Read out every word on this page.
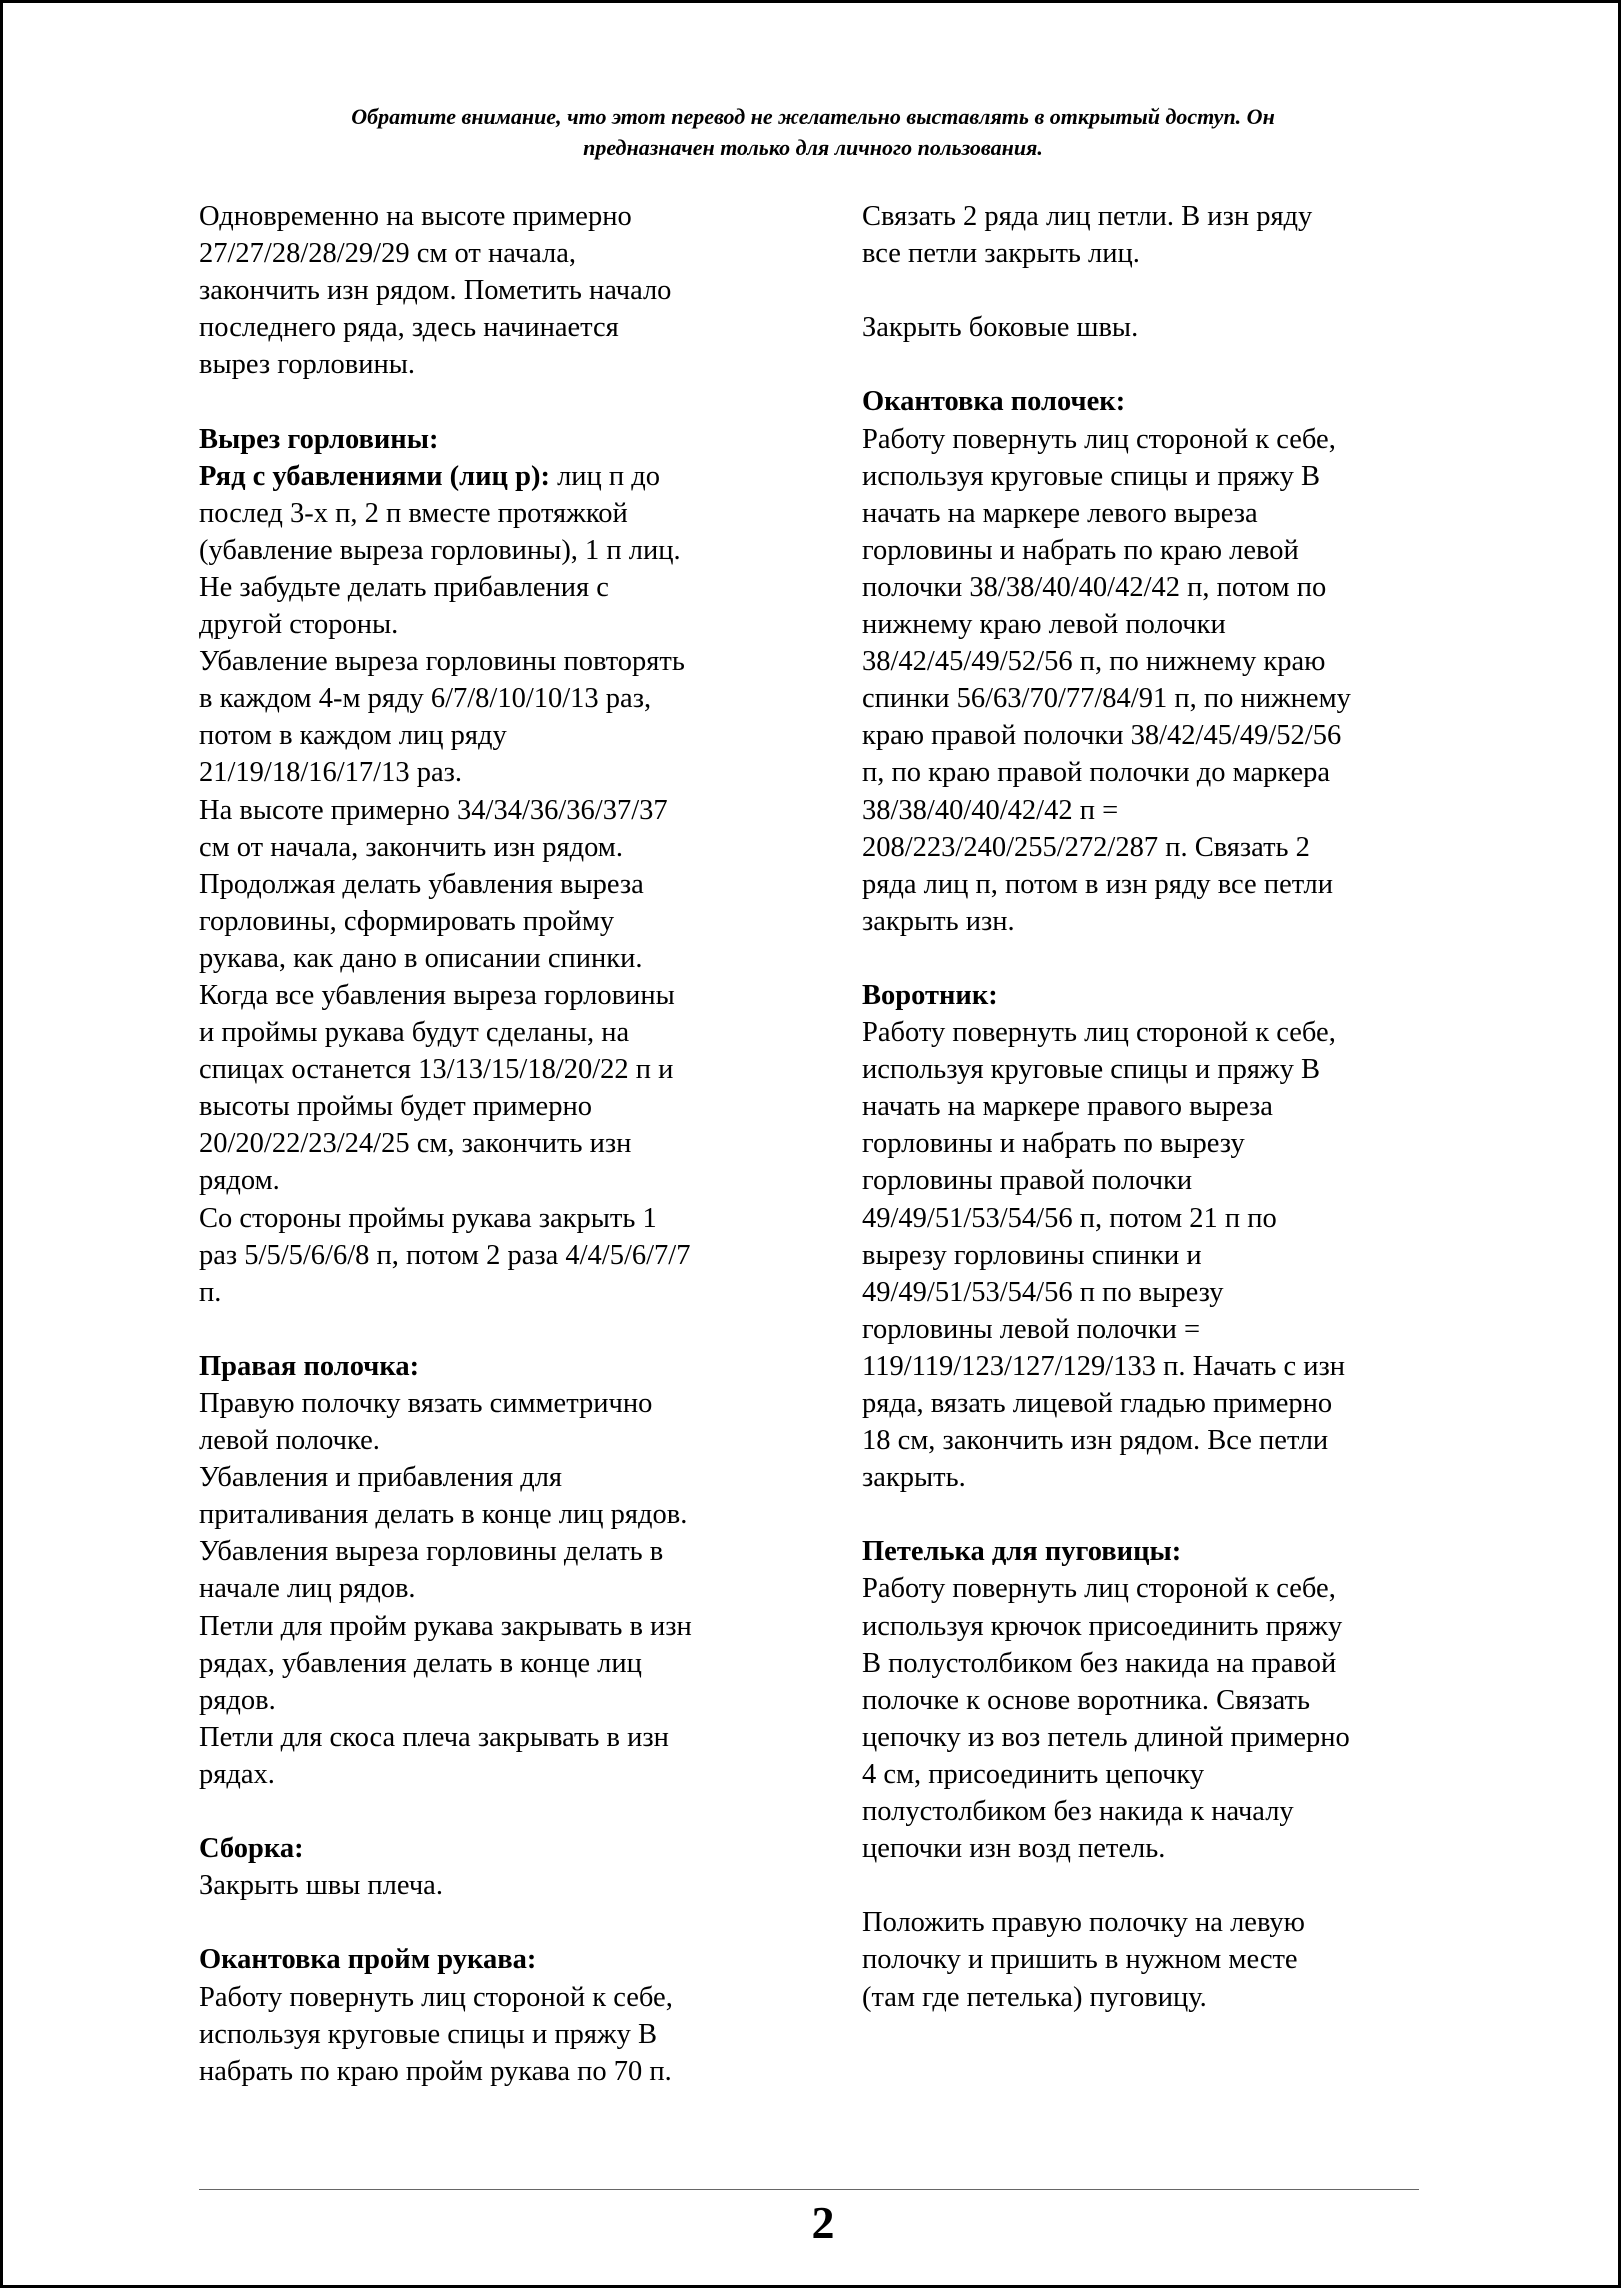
Обратите внимание, что этот перевод не желательно выставлять в открытый доступ. Он
предназначен только для личного пользования.

Одновременно на высоте примерно
27/27/28/28/29/29 см от начала,
закончить изн рядом. Пометить начало
последнего ряда, здесь начинается
вырез горловины.

Вырез горловины:

Ряд с убавлениями (лиц р): лиц п до
послед 3-х п, 2 п вместе протяжкой
(убавление выреза горловины), 1 п лиц.
Не забудьте делать прибавления с
другой стороны.
Убавление выреза горловины повторять
в каждом 4-м ряду 6/7/8/10/10/13 раз,
потом в каждом лиц ряду
21/19/18/16/17/13 раз.
На высоте примерно 34/34/36/36/37/37
см от начала, закончить изн рядом.
Продолжая делать убавления выреза
горловины, сформировать пройму
рукава, как дано в описании спинки.
Когда все убавления выреза горловины
и проймы рукава будут сделаны, на
спицах останется 13/13/15/18/20/22 п и
высоты проймы будет примерно
20/20/22/23/24/25 см, закончить изн
рядом.
Со стороны проймы рукава закрыть 1
раз 5/5/5/6/6/8 п, потом 2 раза 4/4/5/6/7/7
п.

Правая полочка:

Правую полочку вязать симметрично
левой полочке.
Убавления и прибавления для
приталивания делать в конце лиц рядов.
Убавления выреза горловины делать в
начале лиц рядов.
Петли для пройм рукава закрывать в изн
рядах, убавления делать в конце лиц
рядов.
Петли для скоса плеча закрывать в изн
рядах.

Сборка:

Закрыть швы плеча.

Окантовка пройм рукава:

Работу повернуть лиц стороной к себе,
используя круговые спицы и пряжу В
набрать по краю пройм рукава по 70 п.

Связать 2 ряда лиц петли. В изн ряду
все петли закрыть лиц.

Закрыть боковые швы.

Окантовка полочек:

Работу повернуть лиц стороной к себе,
используя круговые спицы и пряжу В
начать на маркере левого выреза
горловины и набрать по краю левой
полочки 38/38/40/40/42/42 п, потом по
нижнему краю левой полочки
38/42/45/49/52/56 п, по нижнему краю
спинки 56/63/70/77/84/91 п, по нижнему
краю правой полочки 38/42/45/49/52/56
п, по краю правой полочки до маркера
38/38/40/40/42/42 п =
208/223/240/255/272/287 п. Связать 2
ряда лиц п, потом в изн ряду все петли
закрыть изн.

Воротник:

Работу повернуть лиц стороной к себе,
используя круговые спицы и пряжу В
начать на маркере правого выреза
горловины и набрать по вырезу
горловины правой полочки
49/49/51/53/54/56 п, потом 21 п по
вырезу горловины спинки и
49/49/51/53/54/56 п по вырезу
горловины левой полочки =
119/119/123/127/129/133 п. Начать с изн
ряда, вязать лицевой гладью примерно
18 см, закончить изн рядом. Все петли
закрыть.

Петелька для пуговицы:

Работу повернуть лиц стороной к себе,
используя крючок присоединить пряжу
В полустолбиком без накида на правой
полочке к основе воротника. Связать
цепочку из воз петель длиной примерно
4 см, присоединить цепочку
полустолбиком без накида к началу
цепочки изн возд петель.

Положить правую полочку на левую
полочку и пришить в нужном месте
(там где петелька) пуговицу.

2
